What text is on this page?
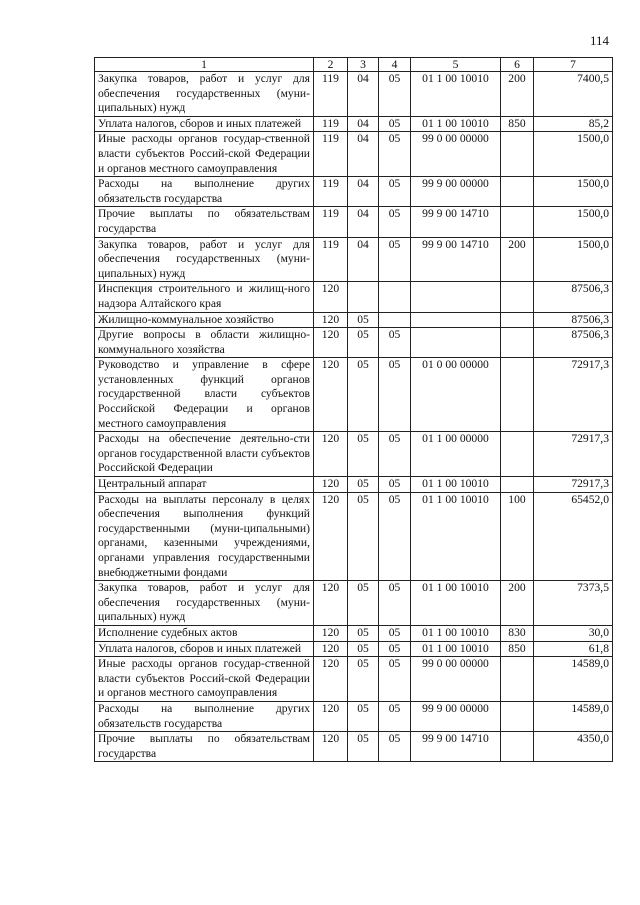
114
1	2	3	4	5	6	7
Закупка товаров, работ и услуг для обеспечения государственных (муни-ципальных) нужд	119	04	05	01 1 00 10010	200	7400,5
Уплата налогов, сборов и иных платежей	119	04	05	01 1 00 10010	850	85,2
Иные расходы органов государ-ственной власти субъектов Россий-ской Федерации и органов местного самоуправления	119	04	05	99 0 00 00000		1500,0
Расходы на выполнение других обязательств государства	119	04	05	99 9 00 00000		1500,0
Прочие выплаты по обязательствам государства	119	04	05	99 9 00 14710		1500,0
Закупка товаров, работ и услуг для обеспечения государственных (муни-ципальных) нужд	119	04	05	99 9 00 14710	200	1500,0
Инспекция строительного и жилищ-ного надзора Алтайского края	120					87506,3
Жилищно-коммунальное хозяйство	120	05				87506,3
Другие вопросы в области жилищно-коммунального хозяйства	120	05	05			87506,3
Руководство и управление в сфере установленных функций органов государственной власти субъектов Российской Федерации и органов местного самоуправления	120	05	05	01 0 00 00000		72917,3
Расходы на обеспечение деятельно-сти органов государственной власти субъектов Российской Федерации	120	05	05	01 1 00 00000		72917,3
Центральный аппарат	120	05	05	01 1 00 10010		72917,3
Расходы на выплаты персоналу в целях обеспечения выполнения функций государственными (муни-ципальными) органами, казенными учреждениями, органами управления государственными внебюджетными фондами	120	05	05	01 1 00 10010	100	65452,0
Закупка товаров, работ и услуг для обеспечения государственных (муни-ципальных) нужд	120	05	05	01 1 00 10010	200	7373,5
Исполнение судебных актов	120	05	05	01 1 00 10010	830	30,0
Уплата налогов, сборов и иных платежей	120	05	05	01 1 00 10010	850	61,8
Иные расходы органов государ-ственной власти субъектов Россий-ской Федерации и органов местного самоуправления	120	05	05	99 0 00 00000		14589,0
Расходы на выполнение других обязательств государства	120	05	05	99 9 00 00000		14589,0
Прочие выплаты по обязательствам государства	120	05	05	99 9 00 14710		4350,0
